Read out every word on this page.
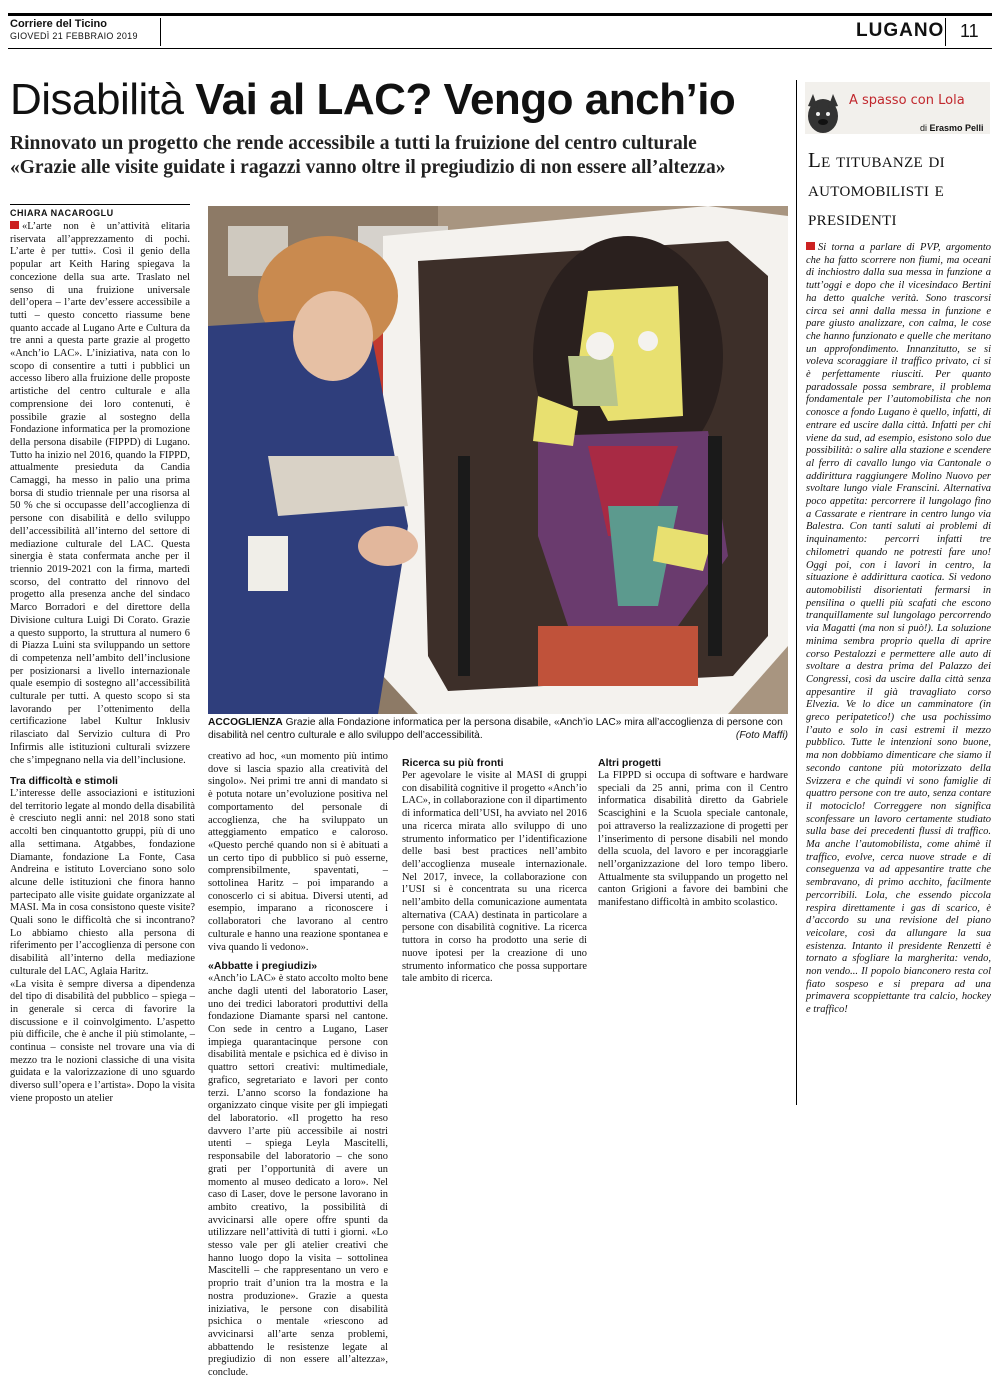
Corriere del Ticino
GIOVEDÌ 21 FEBBRAIO 2019	LUGANO 11
Disabilità Vai al LAC? Vengo anch’io
Rinnovato un progetto che rende accessibile a tutti la fruizione del centro culturale
«Grazie alle visite guidate i ragazzi vanno oltre il pregiudizio di non essere all’altezza»
CHIARA NACAROGLU

«L’arte non è un’attività elitaria riservata all’apprezzamento di pochi. L’arte è per tutti». Così il genio della popular art Keith Haring spiegava la concezione della sua arte. Traslato nel senso di una fruizione universale dell’opera – l’arte dev’essere accessibile a tutti – questo concetto riassume bene quanto accade al Lugano Arte e Cultura da tre anni a questa parte grazie al progetto «Anch’io LAC». L’iniziativa, nata con lo scopo di consentire a tutti i pubblici un accesso libero alla fruizione delle proposte artistiche del centro culturale e alla comprensione dei loro contenuti, è possibile grazie al sostegno della Fondazione informatica per la promozione della persona disabile (FIPPD) di Lugano. Tutto ha inizio nel 2016, quando la FIPPD, attualmente presieduta da Candia Camaggi, ha messo in palio una prima borsa di studio triennale per una risorsa al 50 % che si occupasse dell’accoglienza di persone con disabilità e dello sviluppo dell’accessibilità all’interno del settore di mediazione culturale del LAC. Questa sinergia è stata confermata anche per il triennio 2019-2021 con la firma, martedì scorso, del contratto del rinnovo del progetto alla presenza anche del sindaco Marco Borradori e del direttore della Divisione cultura Luigi Di Corato. Grazie a questo supporto, la struttura al numero 6 di Piazza Luini sta sviluppando un settore di competenza nell’ambito dell’inclusione per posizionarsi a livello internazionale quale esempio di sostegno all’accessibilità culturale per tutti. A questo scopo si sta lavorando per l’ottenimento della certificazione label Kultur Inklusiv rilasciato dal Servizio cultura di Pro Infirmis alle istituzioni culturali svizzere che s’impegnano nella via dell’inclusione.

Tra difficoltà e stimoli

L’interesse delle associazioni e istituzioni del territorio legate al mondo della disabilità è cresciuto negli anni: nel 2018 sono stati accolti ben cinquantotto gruppi, più di uno alla settimana. Atgabbes, fondazione Diamante, fondazione La Fonte, Casa Andreina e istituto Loverciano sono solo alcune delle istituzioni che finora hanno partecipato alle visite guidate organizzate al MASI. Ma in cosa consistono queste visite? Quali sono le difficoltà che si incontrano? Lo abbiamo chiesto alla persona di riferimento per l’accoglienza di persone con disabilità all’interno della mediazione culturale del LAC, Aglaia Haritz.

«La visita è sempre diversa a dipendenza del tipo di disabilità del pubblico – spiega – in generale si cerca di favorire la discussione e il coinvolgimento. L’aspetto più difficile, che è anche il più stimolante, – continua – consiste nel trovare una via di mezzo tra le nozioni classiche di una visita guidata e la valorizzazione di uno sguardo diverso sull’opera e l’artista». Dopo la visita viene proposto un atelier

ACCOGLIENZA Grazie alla Fondazione informatica per la persona disabile, «Anch’io LAC» mira all’accoglienza di persone con disabilità nel centro culturale e allo sviluppo dell’accessibilità.	(Foto Maffi)

creativo ad hoc, «un momento più intimo dove si lascia spazio alla creatività del singolo». Nei primi tre anni di mandato si è potuta notare un’evoluzione positiva nel comportamento del personale di accoglienza, che ha sviluppato un atteggiamento empatico e caloroso. «Questo perché quando non si è abituati a un certo tipo di pubblico si può esserne, comprensibilmente, spaventati, – sottolinea Haritz – poi imparando a conoscerlo ci si abitua. Diversi utenti, ad esempio, imparano a riconoscere i collaboratori che lavorano al centro culturale e hanno una reazione spontanea e viva quando li vedono».

«Abbatte i pregiudizi»

«Anch’io LAC» è stato accolto molto bene anche dagli utenti del laboratorio Laser, uno dei tredici laboratori produttivi della fondazione Diamante sparsi nel cantone. Con sede in centro a Lugano, Laser impiega quarantacinque persone con disabilità mentale e psichica ed è diviso in quattro settori creativi: multimediale, grafico, segretariato e lavori per conto terzi. L’anno scorso la fondazione ha organizzato cinque visite per gli impiegati del laboratorio. «Il progetto ha reso davvero l’arte più accessibile ai nostri utenti – spiega Leyla Mascitelli, responsabile del laboratorio – che sono grati per l’opportunità di avere un momento al museo dedicato a loro». Nel caso di Laser, dove le persone lavorano in ambito creativo, la possibilità di avvicinarsi alle opere offre spunti da utilizzare nell’attività di tutti i giorni. «Lo stesso vale per gli atelier creativi che hanno luogo dopo la visita – sottolinea Mascitelli – che rappresentano un vero e proprio trait d’union tra la mostra e la nostra produzione». Grazie a questa iniziativa, le persone con disabilità psichica o mentale «riescono ad avvicinarsi all’arte senza problemi, abbattendo le resistenze legate al pregiudizio di non essere all’altezza», conclude.

Ricerca su più fronti

Per agevolare le visite al MASI di gruppi con disabilità cognitive il progetto «Anch’io LAC», in collaborazione con il dipartimento di informatica dell’USI, ha avviato nel 2016 una ricerca mirata allo sviluppo di uno strumento informatico per l’identificazione delle basi best practices nell’ambito dell’accoglienza museale internazionale. Nel 2017, invece, la collaborazione con l’USI si è concentrata su una ricerca nell’ambito della comunicazione aumentata alternativa (CAA) destinata in particolare a persone con disabilità cognitive. La ricerca tuttora in corso ha prodotto una serie di nuove ipotesi per la creazione di uno strumento informatico che possa supportare tale ambito di ricerca.

Altri progetti

La FIPPD si occupa di software e hardware speciali da 25 anni, prima con il Centro informatica disabilità diretto da Gabriele Scascighini e la Scuola speciale cantonale, poi attraverso la realizzazione di progetti per l’inserimento di persone disabili nel mondo della scuola, del lavoro e per incoraggiarle nell’organizzazione del loro tempo libero. Attualmente sta sviluppando un progetto nel canton Grigioni a favore dei bambini che manifestano difficoltà in ambito scolastico.

A spasso con Lola
di Erasmo Pelli
Le titubanze di automobilisti e presidenti

Si torna a parlare di PVP, argomento che ha fatto scorrere non fiumi, ma oceani di inchiostro dalla sua messa in funzione a tutt’oggi e dopo che il vicesindaco Bertini ha detto qualche verità. Sono trascorsi circa sei anni dalla messa in funzione e pare giusto analizzare, con calma, le cose che hanno funzionato e quelle che meritano un approfondimento. Innanzitutto, se si voleva scoraggiare il traffico privato, ci si è perfettamente riusciti. Per quanto paradossale possa sembrare, il problema fondamentale per l’automobilista che non conosce a fondo Lugano è quello, infatti, di entrare ed uscire dalla città. Infatti per chi viene da sud, ad esempio, esistono solo due possibilità: o salire alla stazione e scendere al ferro di cavallo lungo via Cantonale o addirittura raggiungere Molino Nuovo per svoltare lungo viale Franscini. Alternativa poco appetita: percorrere il lungolago fino a Cassarate e rientrare in centro lungo via Balestra. Con tanti saluti ai problemi di inquinamento: percorri infatti tre chilometri quando ne potresti fare uno! Oggi poi, con i lavori in centro, la situazione è addirittura caotica. Si vedono automobilisti disorientati fermarsi in pensilina o quelli più scafati che escono tranquillamente sul lungolago percorrendo via Magatti (ma non si può!). La soluzione minima sembra proprio quella di aprire corso Pestalozzi e permettere alle auto di svoltare a destra prima del Palazzo dei Congressi, così da uscire dalla città senza appesantire il già travagliato corso Elvezia. Ve lo dice un camminatore (in greco peripatetico!) che usa pochissimo l’auto e solo in casi estremi il mezzo pubblico. Tutte le intenzioni sono buone, ma non dobbiamo dimenticare che siamo il secondo cantone più motorizzato della Svizzera e che quindi vi sono famiglie di quattro persone con tre auto, senza contare il motociclo! Correggere non significa sconfessare un lavoro certamente studiato sulla base dei precedenti flussi di traffico. Ma anche l’automobilista, come ahimè il traffico, evolve, cerca nuove strade e di conseguenza va ad appesantire tratte che sembravano, di primo acchito, facilmente percorribili. Lola, che essendo piccola respira direttamente i gas di scarico, è d’accordo su una revisione del piano veicolare, così da allungare la sua esistenza. Intanto il presidente Renzetti è tornato a sfogliare la margherita: vendo, non vendo... Il popolo bianconero resta col fiato sospeso e si prepara ad una primavera scoppiettante tra calcio, hockey e traffico!
